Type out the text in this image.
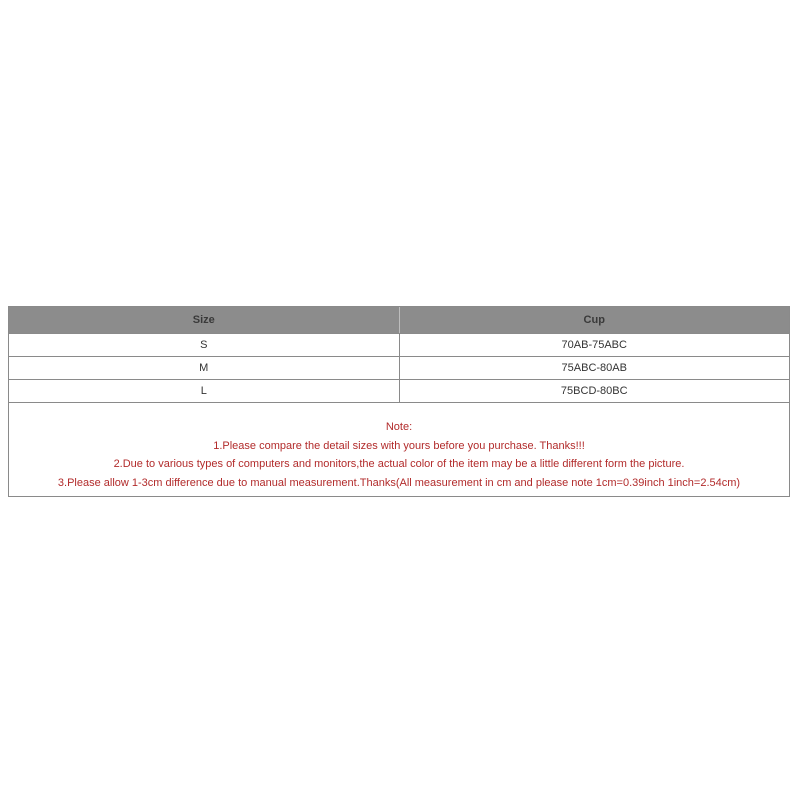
Size	Cup
S	70AB-75ABC
M	75ABC-80AB
L	75BCD-80BC
Note:
1.Please compare the detail sizes with yours before you purchase. Thanks!!!
2.Due to various types of computers and monitors,the actual color of the item may be a little different form the picture.
3.Please allow 1-3cm difference due to manual measurement.Thanks(All measurement in cm and please note 1cm=0.39inch 1inch=2.54cm)
